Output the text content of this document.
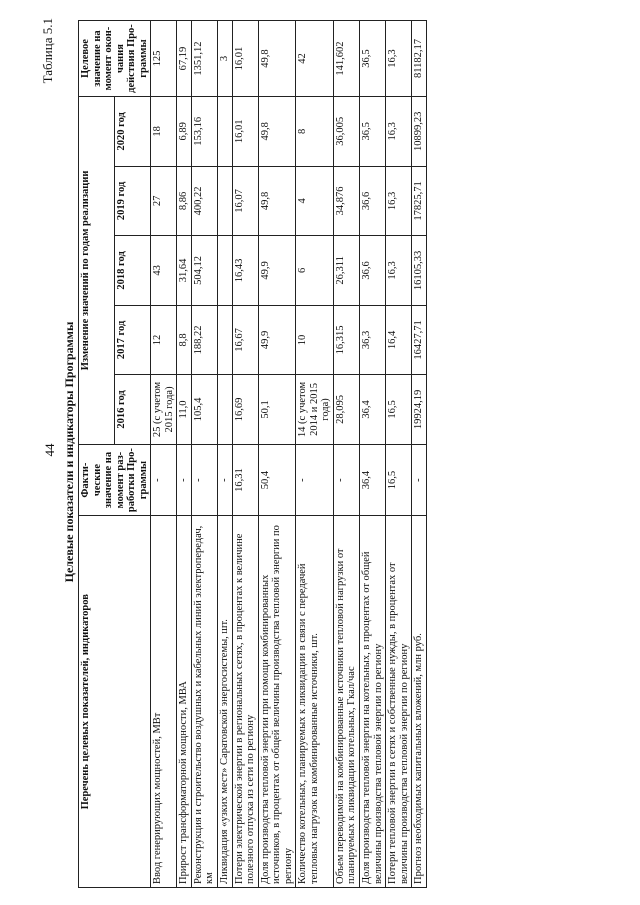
44
Таблица 5.1
Целевые показатели и индикаторы Программы
Перечень целевых показателей, индикаторов	Факти-ческие значение на момент раз-работки Про-граммы	Изменение значений по годам реализации					Целевое значение на момент окон-чания действия Про-граммы
		2016 год	2017 год	2018 год	2019 год	2020 год	
Ввод генерирующих мощностей, МВт	-	25 (с учетом 2015 года)	12	43	27	18	125
Прирост трансформаторной мощности, МВА	-	11,0	8,8	31,64	8,86	6,89	67,19
Реконструкция и строительство воздушных и кабельных линий электропередач, км	-	105,4	188,22	504,12	400,22	153,16	1351,12
Ликвидация «узких мест» Саратовской энергосистемы, шт.	-						3
Потери электрической энергии в региональных сетях, в процентах к величине полезного отпуска из сети по региону	16,31	16,69	16,67	16,43	16,07	16,01	16,01
Доля производства тепловой энергии при помощи комбинированных источников, в процентах от общей величины производства тепловой энергии по региону	50,4	50,1	49,9	49,9	49,8	49,8	49,8
Количество котельных, планируемых к ликвидации в связи с передачей тепловых нагрузок на комбинированные источники, шт.	-	14 (с учетом 2014 и 2015 года)	10	6	4	8	42
Объем переводимой на комбинированные источники тепловой нагрузки от планируемых к ликвидации котельных, Гкал/час	-	28,095	16,315	26,311	34,876	36,005	141,602
Доля производства тепловой энергии на котельных, в процентах от общей величины производства тепловой энергии по региону	36,4	36,4	36,3	36,6	36,6	36,5	36,5
Потери тепловой энергии в сетях и собственные нужды, в процентах от величины производства тепловой энергии по региону	16,5	16,5	16,4	16,3	16,3	16,3	16,3
Прогноз необходимых капитальных вложений, млн руб.	-	19924,19	16427,71	16105,33	17825,71	10899,23	81182,17
